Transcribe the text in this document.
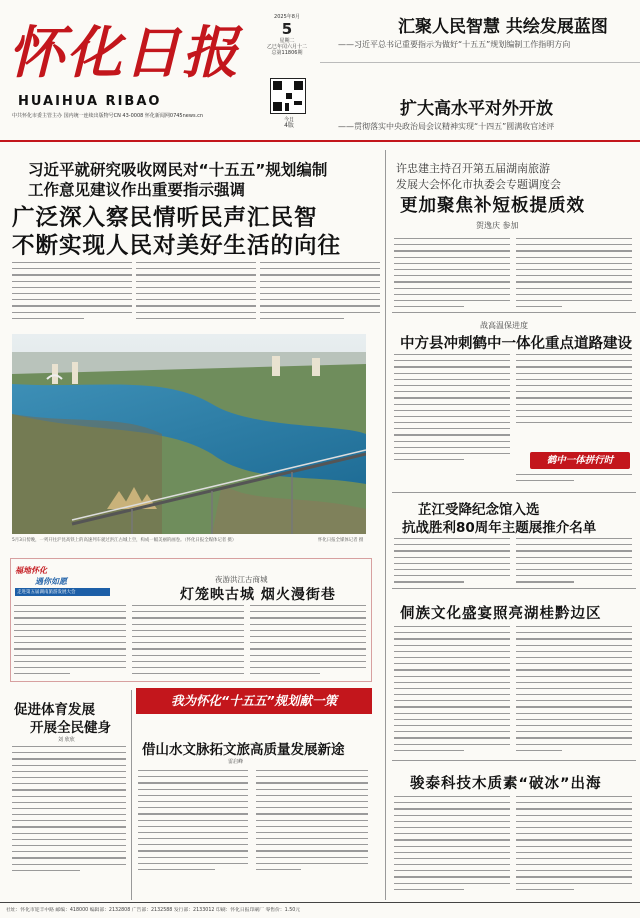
怀化日报
HUAIHUA RIBAO
中共怀化市委主管主办 国内统一连续出版物号CN 43-0008 怀化新闻网0745news.cn
2025年8月
5
星期二
乙巳年闰六月十二
总第11806期
今日
4版
汇聚人民智慧 共绘发展蓝图
——习近平总书记重要指示为做好“十五五”规划编制工作指明方向
扩大高水平对外开放
——贯彻落实中央政治局会议精神实现“十四五”圆满收官述评
习近平就研究吸收网民对“十五五”规划编制
工作意见建议作出重要指示强调
广泛深入察民情听民声汇民智
不断实现人民对美好生活的向往
5月3日傍晚，一列开往沪昆高铁上的高速列车驶过洪江古城上空，构成一幅美丽的画卷。（怀化日报全媒体记者 摄）	怀化日报全媒体记者 摄
福地怀化
遇你如愿
走进第五届湖南旅游发展大会
夜游洪江古商城
灯笼映古城 烟火漫街巷
促进体育发展
开展全民健身
刘 欣欣
我为怀化“十五五”规划献一策
借山水文脉拓文旅高质量发展新途
雷启峰
许忠建主持召开第五届湖南旅游
发展大会怀化市执委会专题调度会
更加聚焦补短板提质效
贺逸庆 参加
战高温保进度
中方县冲刺鹤中一体化重点道路建设
鹤中一体拼行时
芷江受降纪念馆入选
抗战胜利80周年主题展推介名单
侗族文化盛宴照亮湖桂黔边区
骏泰科技木质素“破冰”出海
社址：怀化市迎丰中路 邮编：418000 编辑部：2132808 广告部：2132588 发行部：2133012 印刷：怀化日报印刷厂 零售价：1.50元
